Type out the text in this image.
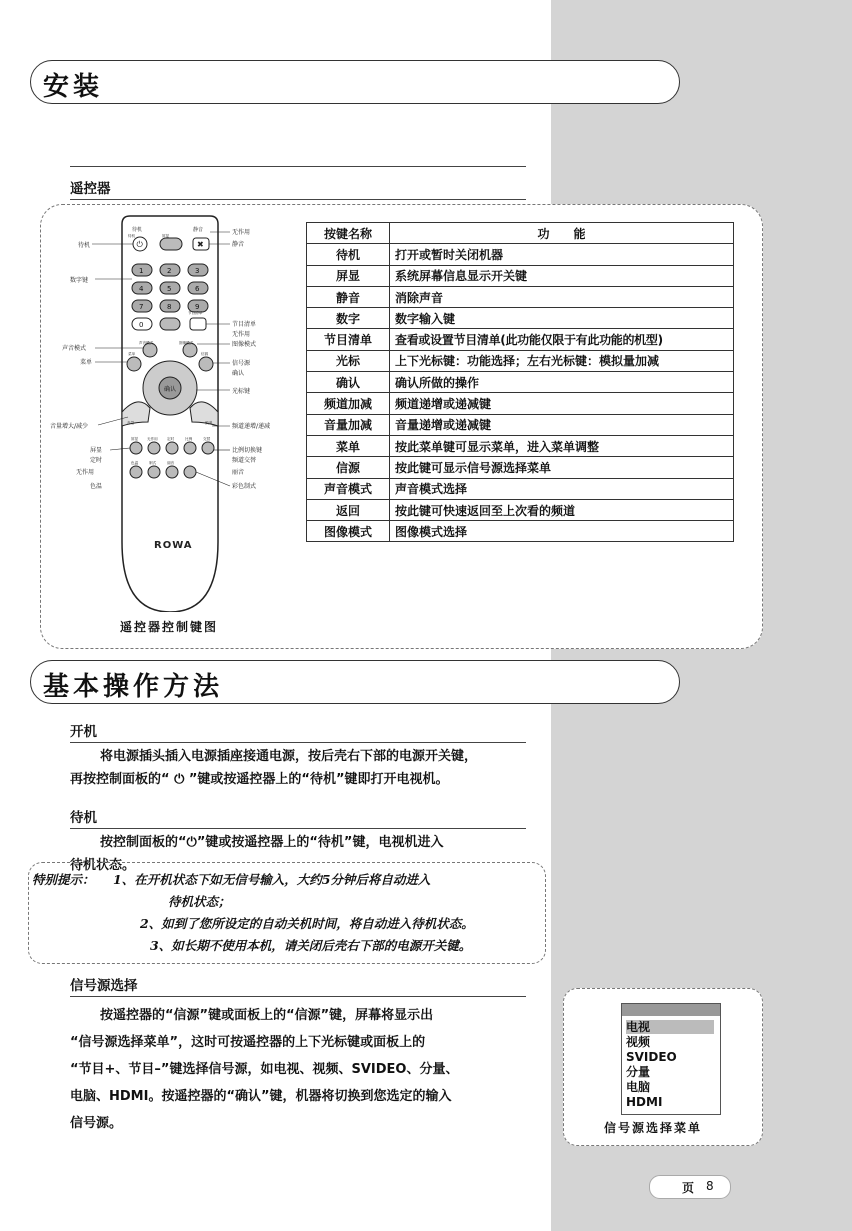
安装
遥控器
⏻	✖
待机	静音
1	2	3
4	5	6
7	8	9
0
确认
ROWA
待机
数字键
声音模式
菜单
音量增大/减少
屏显
定时
无作用
色温
无作用
静音
节目清单
无作用
图像模式
信号源
确认
光标键
频道递增/递减
比例切换键
频道交替
丽音
彩色制式
声音模式	图像模式
菜单	信源
音量	频道
屏显 无作用	定时	比例
色温	制式
交替
丽音
节目清单
待机	屏显
遥控器控制键图
按键名称	功　　能
待机	打开或暂时关闭机器
屏显	系统屏幕信息显示开关键
静音	消除声音
数字	数字输入键
节目清单	查看或设置节目清单(此功能仅限于有此功能的机型)
光标	上下光标键：功能选择；左右光标键：模拟量加减
确认	确认所做的操作
频道加减	频道递增或递减键
音量加减	音量递增或递减键
菜单	按此菜单键可显示菜单，进入菜单调整
信源	按此键可显示信号源选择菜单
声音模式	声音模式选择
返回	按此键可快速返回至上次看的频道
图像模式	图像模式选择
基本操作方法
开机
将电源插头插入电源插座接通电源，按后壳右下部的电源开关键，
再按控制面板的“ ⏻ ”键或按遥控器上的“待机”键即打开电视机。
待机
按控制面板的“⏻”键或按遥控器上的“待机”键，电视机进入
待机状态。
特别提示： 1、在开机状态下如无信号输入，大约5分钟后将自动进入
待机状态；
2、如到了您所设定的自动关机时间，将自动进入待机状态。
3、如长期不使用本机，请关闭后壳右下部的电源开关键。
信号源选择
按遥控器的“信源”键或面板上的“信源”键，屏幕将显示出
“信号源选择菜单”，这时可按遥控器的上下光标键或面板上的
“节目+、节目–”键选择信号源，如电视、视频、SVIDEO、分量、
电脑、HDMI。按遥控器的“确认”键，机器将切换到您选定的输入
信号源。
电视
视频
SVIDEO
分量
电脑
HDMI
信号源选择菜单
页 8
